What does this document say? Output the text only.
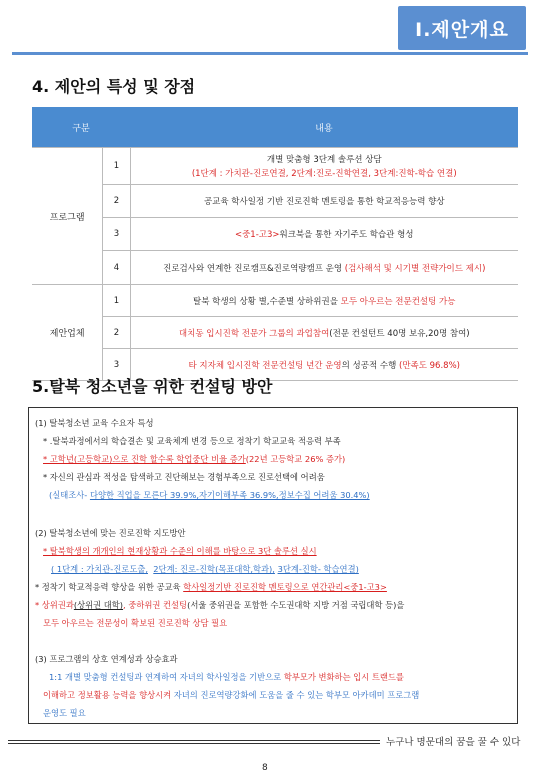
Ⅰ.제안개요
4. 제안의 특성 및 장점
구분		내용
프로그램	1	개별 맞춤형 3단계 솔루션 상담
(1단계 : 가치관-진로연결, 2단계:진로-진학연결, 3단계:진학-학습 연결)

	2	공교육 학사일정 기반 진로진학 멘토링을 통한 학교적응능력 향상
	3	<중1-고3>워크북을 통한 자기주도 학습관 형성
	4	진로검사와 연계한 진로캠프&진로역량캠프 운영 (검사해석 및 시기별 전략가이드 제시)
제안업체	1	탈북 학생의 상황 별,수준별 상하위권을 모두 아우르는 전문컨설팅 가능
	2	대치동 입시진학 전문가 그룹의 과업참여(전문 컨설턴트 40명 보유,20명 참여)
	3	타 지자체 입시진학 전문컨설팅 년간 운영의 성공적 수행 (만족도 96.8%)
5.탈북 청소년을 위한 컨설팅 방안
(1) 탈북청소년 교육 수요자 특성
* .탈북과정에서의 학습결손 및 교육체계 변경 등으로 정착기 학교교육 적응력 부족
* 고학년(고등학교)으로 진학 할수록 학업중단 비율 증가(22년 고등학교 26% 증가)
* 자신의 관심과 적성을 탐색하고 진단해보는 경험부족으로 진로선택에 어려움
(실태조사- 다양한 직업을 모른다 39.9%,자기이해부족 36.9%,정보수집 어려움 30.4%)
(2) 탈북청소년에 맞는 진로진학 지도방안
* 탈북학생의 개개인의 현재상황과 수준의 이해를 바탕으로 3단 솔루션 실시
( 1단계 : 가치관-진로도출, 2단계: 진로-진학(목표대학,학과), 3단계-진학- 학습연결)
* 정착기 학교적응력 향상을 위한 공교육 학사일정기반 진로진학 멘토링으로 연간관리<중1-고3>
* 상위권과(상위권 대학), 중하위권 컨설팅(서울 중위권을 포함한 수도권대학 지방 거점 국립대학 등)을
모두 아우르는 전문성이 확보된 진로진학 상담 필요
(3) 프로그램의 상호 연계성과 상승효과
1:1 개별 맞춤형 컨설팅과 연계하여 자녀의 학사일정을 기반으로 학부모가 변화하는 입시 트랜드를
이해하고 정보활용 능력을 향상시켜 자녀의 진로역량강화에 도움을 줄 수 있는 학부모 아카데미 프로그램
운영도 필요
누구나 명문대의 꿈을 꿀 수 있다
8
